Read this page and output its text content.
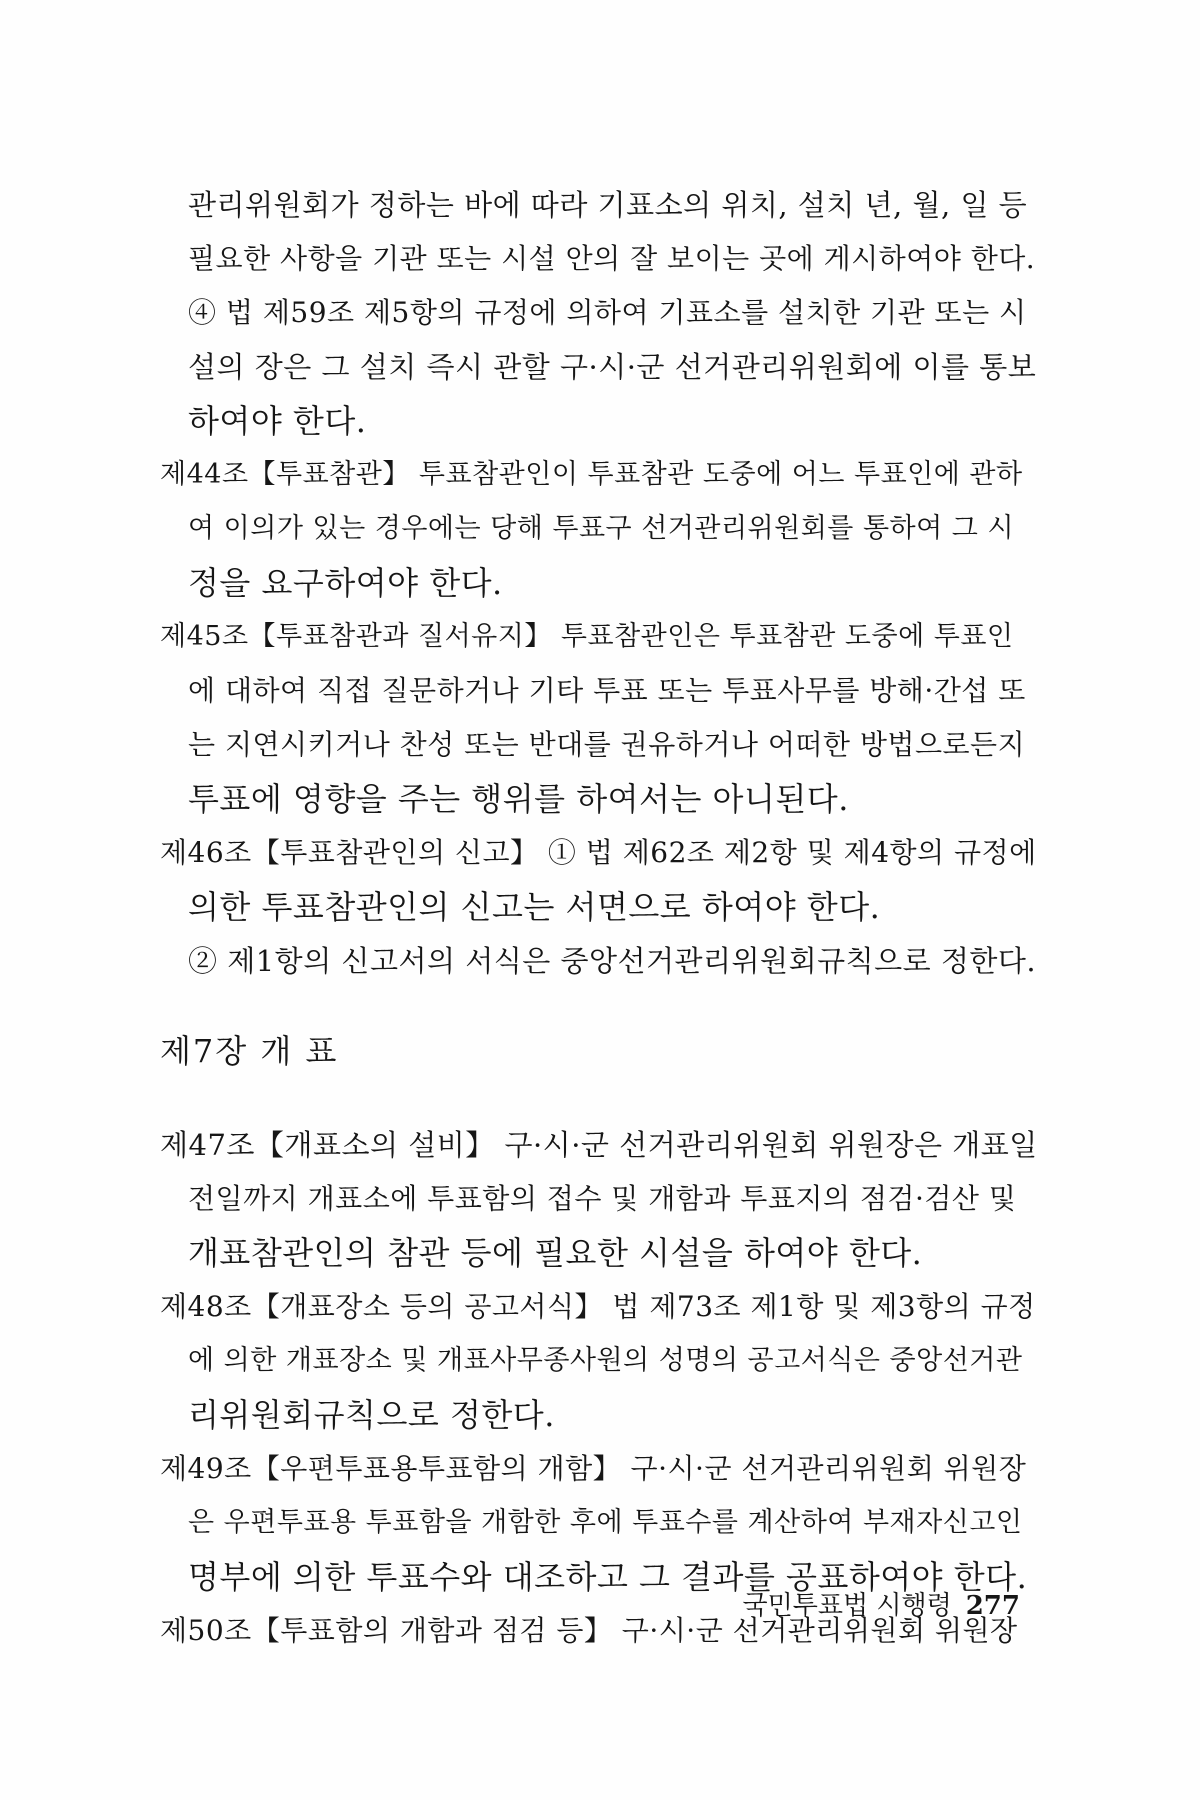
관리위원회가 정하는 바에 따라 기표소의 위치, 설치 년, 월, 일 등
필요한 사항을 기관 또는 시설 안의 잘 보이는 곳에 게시하여야 한다.
④ 법 제59조 제5항의 규정에 의하여 기표소를 설치한 기관 또는 시
설의 장은 그 설치 즉시 관할 구·시·군 선거관리위원회에 이를 통보
하여야 한다.
제44조【투표참관】 투표참관인이 투표참관 도중에 어느 투표인에 관하
여 이의가 있는 경우에는 당해 투표구 선거관리위원회를 통하여 그 시
정을 요구하여야 한다.
제45조【투표참관과 질서유지】 투표참관인은 투표참관 도중에 투표인
에 대하여 직접 질문하거나 기타 투표 또는 투표사무를 방해·간섭 또
는 지연시키거나 찬성 또는 반대를 권유하거나 어떠한 방법으로든지
투표에 영향을 주는 행위를 하여서는 아니된다.
제46조【투표참관인의 신고】 ① 법 제62조 제2항 및 제4항의 규정에
의한 투표참관인의 신고는 서면으로 하여야 한다.
② 제1항의 신고서의 서식은 중앙선거관리위원회규칙으로 정한다.
제7장 개 표
제47조【개표소의 설비】 구·시·군 선거관리위원회 위원장은 개표일
전일까지 개표소에 투표함의 접수 및 개함과 투표지의 점검·검산 및
개표참관인의 참관 등에 필요한 시설을 하여야 한다.
제48조【개표장소 등의 공고서식】 법 제73조 제1항 및 제3항의 규정
에 의한 개표장소 및 개표사무종사원의 성명의 공고서식은 중앙선거관
리위원회규칙으로 정한다.
제49조【우편투표용투표함의 개함】 구·시·군 선거관리위원회 위원장
은 우편투표용 투표함을 개함한 후에 투표수를 계산하여 부재자신고인
명부에 의한 투표수와 대조하고 그 결과를 공표하여야 한다.
제50조【투표함의 개함과 점검 등】 구·시·군 선거관리위원회 위원장
국민투표법 시행령 277
